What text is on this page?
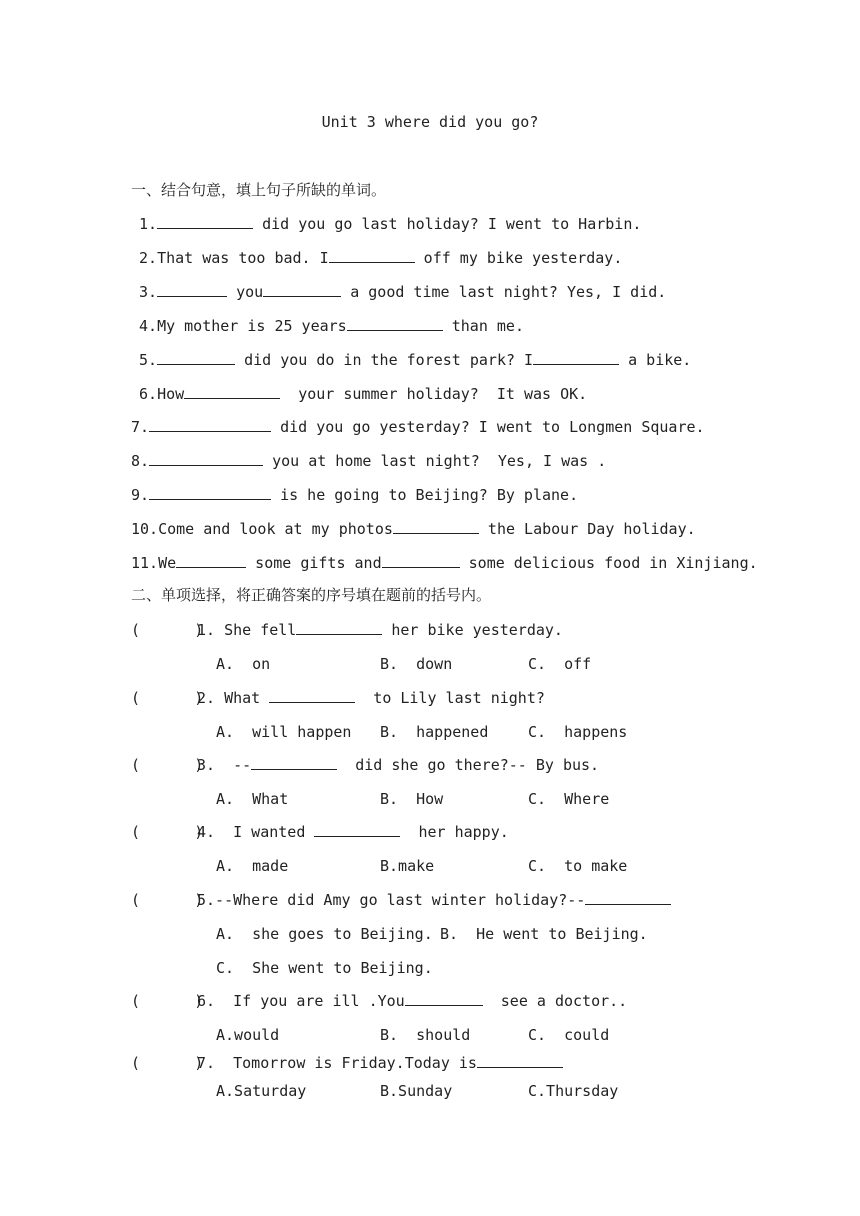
Unit 3 where did you go?
一、结合句意，填上句子所缺的单词。
1.	did you go last holiday? I went to Harbin.
2.That was too bad. I	off my bike yesterday.
3.	you	a good time last night? Yes, I did.
4.My mother is 25 years	than me.
5.	did you do in the forest park? I	a bike.
6.How	your summer holiday?  It was OK.
7.	did you go yesterday? I went to Longmen Square.
8.	you at home last night?  Yes, I was .
9.	is he going to Beijing? By plane.
10.Come and look at my photos	the Labour Day holiday.
11.We	some gifts and	some delicious food in Xinjiang.
二、单项选择，将正确答案的序号填在题前的括号内。
(      )1. She fell	her bike yesterday.
A.  on	B.  down	C.  off
(      )2. What	to Lily last night?
A.  will happen B.  happened	C.  happens
(      )3.  --	did she go there?-- By bus.
A.  What	B.  How	C.  Where
(      )4.  I wanted	her happy.
A.  made	B.make	C.  to make
(      )5.--Where did Amy go last winter holiday?--
A.  she goes to Beijing. B.  He went to Beijing.
C.  She went to Beijing.
(      )6.  If you are ill .You	see a doctor..
A.would	B.  should	C.  could
(      )7.  Tomorrow is Friday.Today is
A.Saturday	B.Sunday	C.Thursday
